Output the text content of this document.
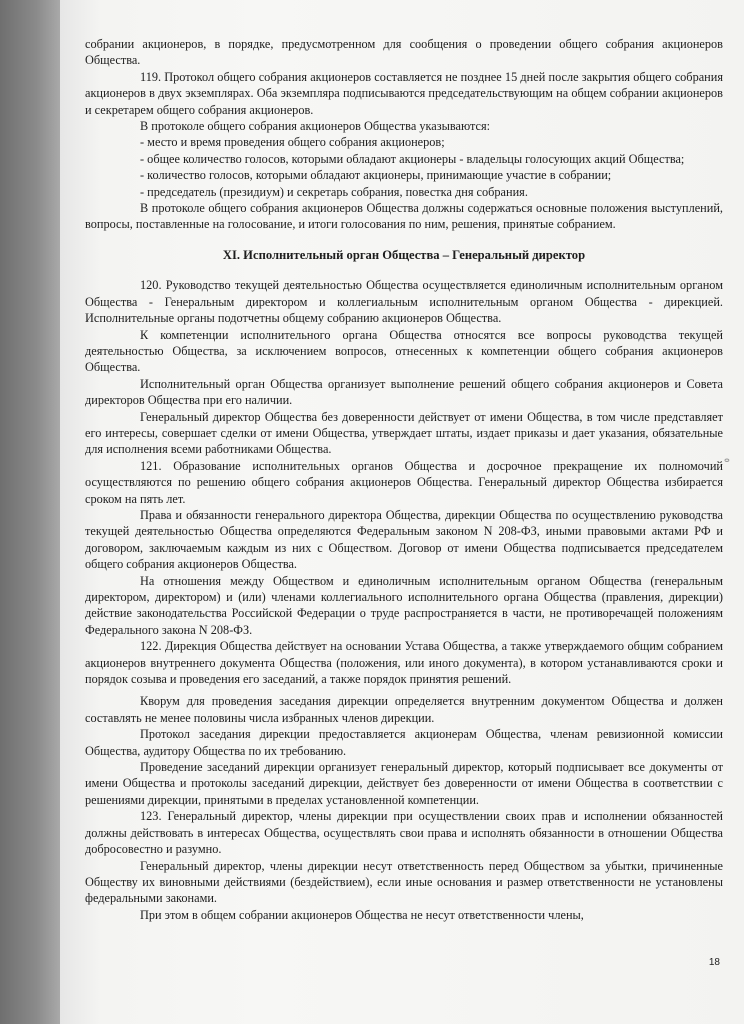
собрании акционеров, в порядке, предусмотренном для сообщения о проведении общего собрания акционеров Общества.

119. Протокол общего собрания акционеров составляется не позднее 15 дней после закрытия общего собрания акционеров в двух экземплярах. Оба экземпляра подписываются председательствующим на общем собрании акционеров и секретарем общего собрания акционеров.

В протоколе общего собрания акционеров Общества указываются:

- место и время проведения общего собрания акционеров;

- общее количество голосов, которыми обладают акционеры - владельцы голосующих акций Общества;

- количество голосов, которыми обладают акционеры, принимающие участие в собрании;

- председатель (президиум) и секретарь собрания, повестка дня собрания.

В протоколе общего собрания акционеров Общества должны содержаться основные положения выступлений, вопросы, поставленные на голосование, и итоги голосования по ним, решения, принятые собранием.

XI. Исполнительный орган Общества – Генеральный директор

120. Руководство текущей деятельностью Общества осуществляется единоличным исполнительным органом Общества - Генеральным директором и коллегиальным исполнительным органом Общества - дирекцией. Исполнительные органы подотчетны общему собранию акционеров Общества.

К компетенции исполнительного органа Общества относятся все вопросы руководства текущей деятельностью Общества, за исключением вопросов, отнесенных к компетенции общего собрания акционеров Общества.

Исполнительный орган Общества организует выполнение решений общего собрания акционеров и Совета директоров Общества при его наличии.

Генеральный директор Общества без доверенности действует от имени Общества, в том числе представляет его интересы, совершает сделки от имени Общества, утверждает штаты, издает приказы и дает указания, обязательные для исполнения всеми работниками Общества.

121. Образование исполнительных органов Общества и досрочное прекращение их полномочий осуществляются по решению общего собрания акционеров Общества. Генеральный директор Общества избирается сроком на пять лет.

Права и обязанности генерального директора Общества, дирекции Общества по осуществлению руководства текущей деятельностью Общества определяются Федеральным законом N 208-ФЗ, иными правовыми актами РФ и договором, заключаемым каждым из них с Обществом. Договор от имени Общества подписывается председателем общего собрания акционеров Общества.

На отношения между Обществом и единоличным исполнительным органом Общества (генеральным директором, директором) и (или) членами коллегиального исполнительного органа Общества (правления, дирекции) действие законодательства Российской Федерации о труде распространяется в части, не противоречащей положениям Федерального закона N 208-ФЗ.

122. Дирекция Общества действует на основании Устава Общества, а также утверждаемого общим собранием акционеров внутреннего документа Общества (положения, или иного документа), в котором устанавливаются сроки и порядок созыва и проведения его заседаний, а также порядок принятия решений.

Кворум для проведения заседания дирекции определяется внутренним документом Общества и должен составлять не менее половины числа избранных членов дирекции.

Протокол заседания дирекции предоставляется акционерам Общества, членам ревизионной комиссии Общества, аудитору Общества по их требованию.

Проведение заседаний дирекции организует генеральный директор, который подписывает все документы от имени Общества и протоколы заседаний дирекции, действует без доверенности от имени Общества в соответствии с решениями дирекции, принятыми в пределах установленной компетенции.

123. Генеральный директор, члены дирекции при осуществлении своих прав и исполнении обязанностей должны действовать в интересах Общества, осуществлять свои права и исполнять обязанности в отношении Общества добросовестно и разумно.

Генеральный директор, члены дирекции несут ответственность перед Обществом за убытки, причиненные Обществу их виновными действиями (бездействием), если иные основания и размер ответственности не установлены федеральными законами.

При этом в общем собрании акционеров Общества не несут ответственности члены,

ⴰ
18
